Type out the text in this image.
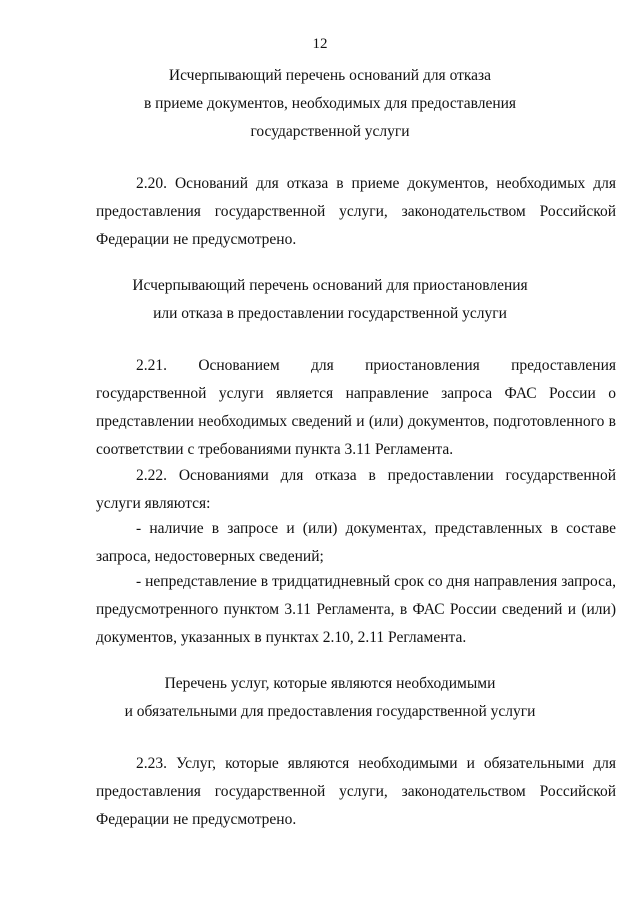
12
Исчерпывающий перечень оснований для отказа
в приеме документов, необходимых для предоставления
государственной услуги
2.20. Оснований для отказа в приеме документов, необходимых для предоставления государственной услуги, законодательством Российской Федерации не предусмотрено.
Исчерпывающий перечень оснований для приостановления
или отказа в предоставлении государственной услуги
2.21. Основанием для приостановления предоставления государственной услуги является направление запроса ФАС России о представлении необходимых сведений и (или) документов, подготовленного в соответствии с требованиями пункта 3.11 Регламента.
2.22. Основаниями для отказа в предоставлении государственной услуги являются:
- наличие в запросе и (или) документах, представленных в составе запроса, недостоверных сведений;
- непредставление в тридцатидневный срок со дня направления запроса, предусмотренного пунктом 3.11 Регламента, в ФАС России сведений и (или) документов, указанных в пунктах 2.10, 2.11 Регламента.
Перечень услуг, которые являются необходимыми
и обязательными для предоставления государственной услуги
2.23. Услуг, которые являются необходимыми и обязательными для предоставления государственной услуги, законодательством Российской Федерации не предусмотрено.
